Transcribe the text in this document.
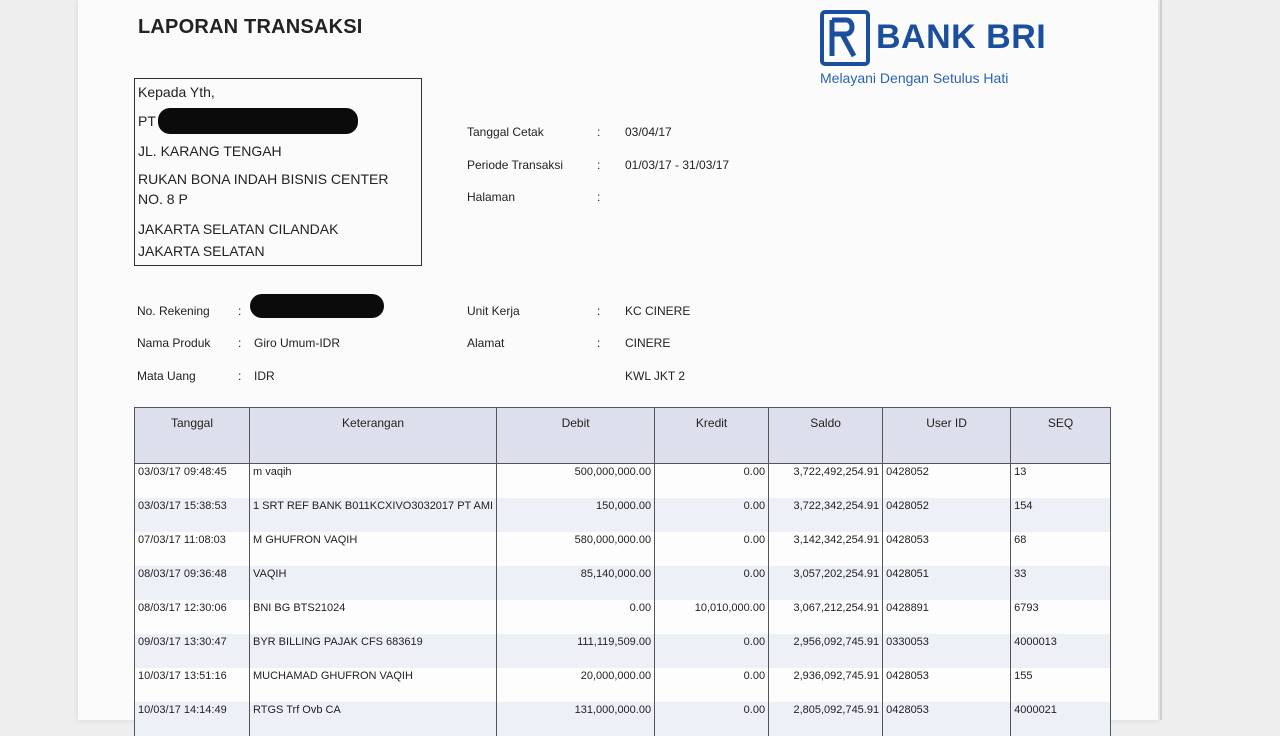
LAPORAN TRANSAKSI	BANK BRI
Melayani Dengan Setulus Hati
Kepada Yth,
PT
JL. KARANG TENGAH
RUKAN BONA INDAH BISNIS CENTER
NO. 8 P
JAKARTA SELATAN CILANDAK
JAKARTA SELATAN
Tanggal Cetak	: 03/04/17
Periode Transaksi	: 01/03/17 - 31/03/17
Halaman	:
No. Rekening :
Nama Produk : Giro Umum-IDR
Mata Uang	: IDR
Unit Kerja	: KC CINERE
Alamat	: CINERE
KWL JKT 2
Tanggal	Keterangan	Debit	Kredit	Saldo	User ID	SEQ
03/03/17 09:48:45	m vaqih	500,000,000.00	0.00	3,722,492,254.91	0428052	13
03/03/17 15:38:53	1 SRT REF BANK B011KCXIVO3032017 PT AMI	150,000.00	0.00	3,722,342,254.91	0428052	154
07/03/17 11:08:03	M GHUFRON VAQIH	580,000,000.00	0.00	3,142,342,254.91	0428053	68
08/03/17 09:36:48	VAQIH	85,140,000.00	0.00	3,057,202,254.91	0428051	33
08/03/17 12:30:06	BNI BG BTS21024	0.00	10,010,000.00	3,067,212,254.91	0428891	6793
09/03/17 13:30:47	BYR BILLING PAJAK CFS 683619	111,119,509.00	0.00	2,956,092,745.91	0330053	4000013
10/03/17 13:51:16	MUCHAMAD GHUFRON VAQIH	20,000,000.00	0.00	2,936,092,745.91	0428053	155
10/03/17 14:14:49	RTGS Trf Ovb CA	131,000,000.00	0.00	2,805,092,745.91	0428053	4000021
